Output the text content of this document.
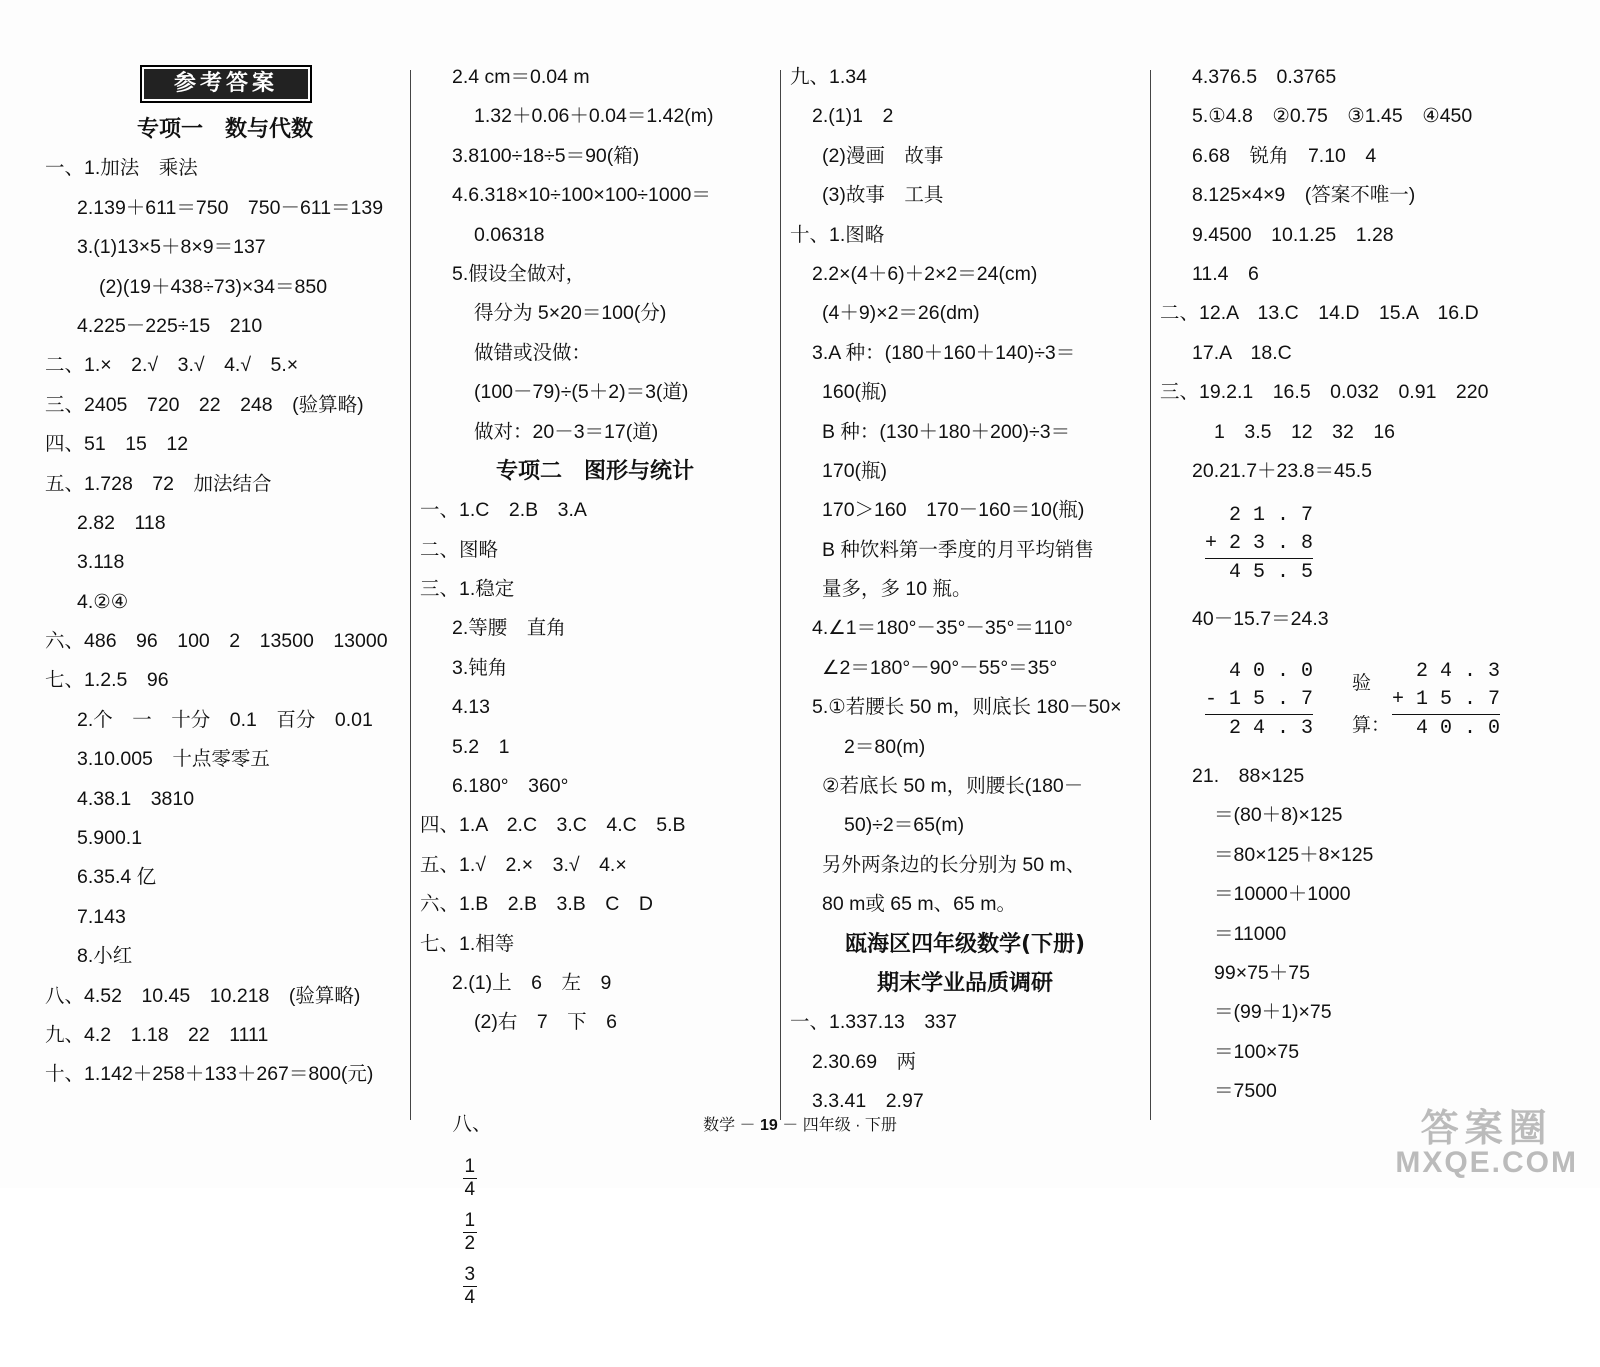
参考答案
专项一　数与代数
一、1.加法　乘法
2.139＋611＝750　750－611＝139
3.(1)13×5＋8×9＝137
(2)(19＋438÷73)×34＝850
4.225－225÷15　210
二、1.×　2.√　3.√　4.√　5.×
三、2405　720　22　248　(验算略)
四、51　15　12
五、1.728　72　加法结合
2.82　118
3.118
4.②④
六、486　96　100　2　13500　13000
七、1.2.5　96
2.个　一　十分　0.1　百分　0.01
3.10.005　十点零零五
4.38.1　3810
5.900.1
6.35.4 亿
7.143
8.小红
八、4.52　10.45　10.218　(验算略)
九、4.2　1.18　22　1111
十、1.142＋258＋133＋267＝800(元)
2.4 cm＝0.04 m
1.32＋0.06＋0.04＝1.42(m)
3.8100÷18÷5＝90(箱)
4.6.318×10÷100×100÷1000＝
0.06318
5.假设全做对，
得分为 5×20＝100(分)
做错或没做：
(100－79)÷(5＋2)＝3(道)
做对：20－3＝17(道)
专项二　图形与统计
一、1.C　2.B　3.A
二、图略
三、1.稳定
2.等腰　直角
3.钝角
4.13
5.2　1
6.180°　360°
四、1.A　2.C　3.C　4.C　5.B
五、1.√　2.×　3.√　4.×
六、1.B　2.B　3.B　C　D
七、1.相等
2.(1)上　6　左　9
(2)右　7　下　6

八、

$\frac{1}{4}$

$\frac{1}{2}$

$\frac{3}{4}$

九、1.34
2.(1)1　2
(2)漫画　故事
(3)故事　工具
十、1.图略
2.2×(4＋6)＋2×2＝24(cm)
(4＋9)×2＝26(dm)
3.A 种：(180＋160＋140)÷3＝
160(瓶)
B 种：(130＋180＋200)÷3＝
170(瓶)
170＞160　170－160＝10(瓶)
B 种饮料第一季度的月平均销售
量多，多 10 瓶。
4.∠1＝180°－35°－35°＝110°
∠2＝180°－90°－55°＝35°
5.①若腰长 50 m，则底长 180－50×
2＝80(m)
②若底长 50 m，则腰长(180－
50)÷2＝65(m)
另外两条边的长分别为 50 m、
80 m或 65 m、65 m。
瓯海区四年级数学(下册)
期末学业品质调研
一、1.337.13　337
2.30.69　两
3.3.41　2.97
4.376.5　0.3765
5.①4.8　②0.75　③1.45　④450
6.68　锐角　7.10　4
8.125×4×9　(答案不唯一)
9.4500　10.1.25　1.28
11.4　6
二、12.A　13.C　14.D　15.A　16.D
17.A　18.C
三、19.2.1　16.5　0.032　0.91　220
1　3.5　12　32　16
20.21.7＋23.8＝45.5
2 1 . 7
+ 2 3 . 8
4 5 . 5
40－15.7＝24.3
4 0 . 0
- 1 5 . 7
2 4 . 3
验
算：
2 4 . 3
+ 1 5 . 7
4 0 . 0
21.　88×125
＝(80＋8)×125
＝80×125＋8×125
＝10000＋1000
＝11000
99×75＋75
＝(99＋1)×75
＝100×75
＝7500
数学 － 19 － 四年级 · 下册	答案圈
MXQE.COM
